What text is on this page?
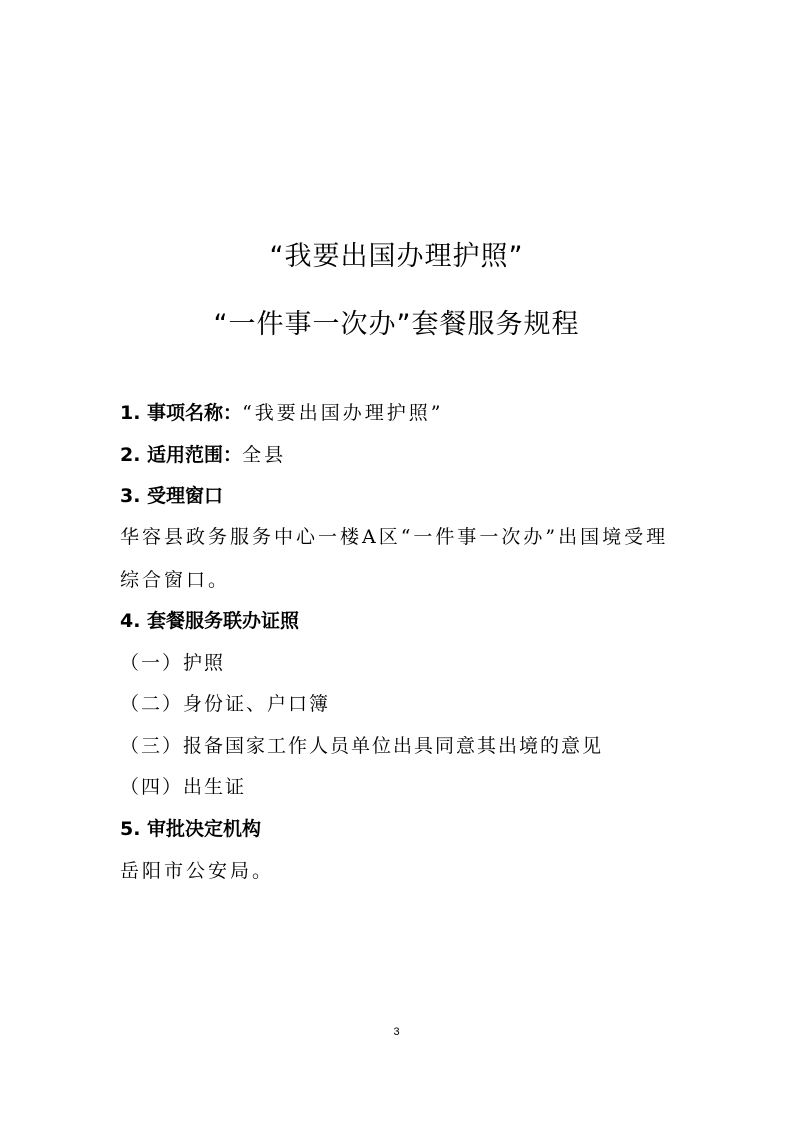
“我要出国办理护照”
“一件事一次办”套餐服务规程
1. 事项名称：“我要出国办理护照”
2. 适用范围：全县
3. 受理窗口
华容县政务服务中心一楼A区“一件事一次办”出国境受理
综合窗口。
4. 套餐服务联办证照
（一）护照
（二）身份证、户口簿
（三）报备国家工作人员单位出具同意其出境的意见
（四）出生证
5. 审批决定机构
岳阳市公安局。
3
